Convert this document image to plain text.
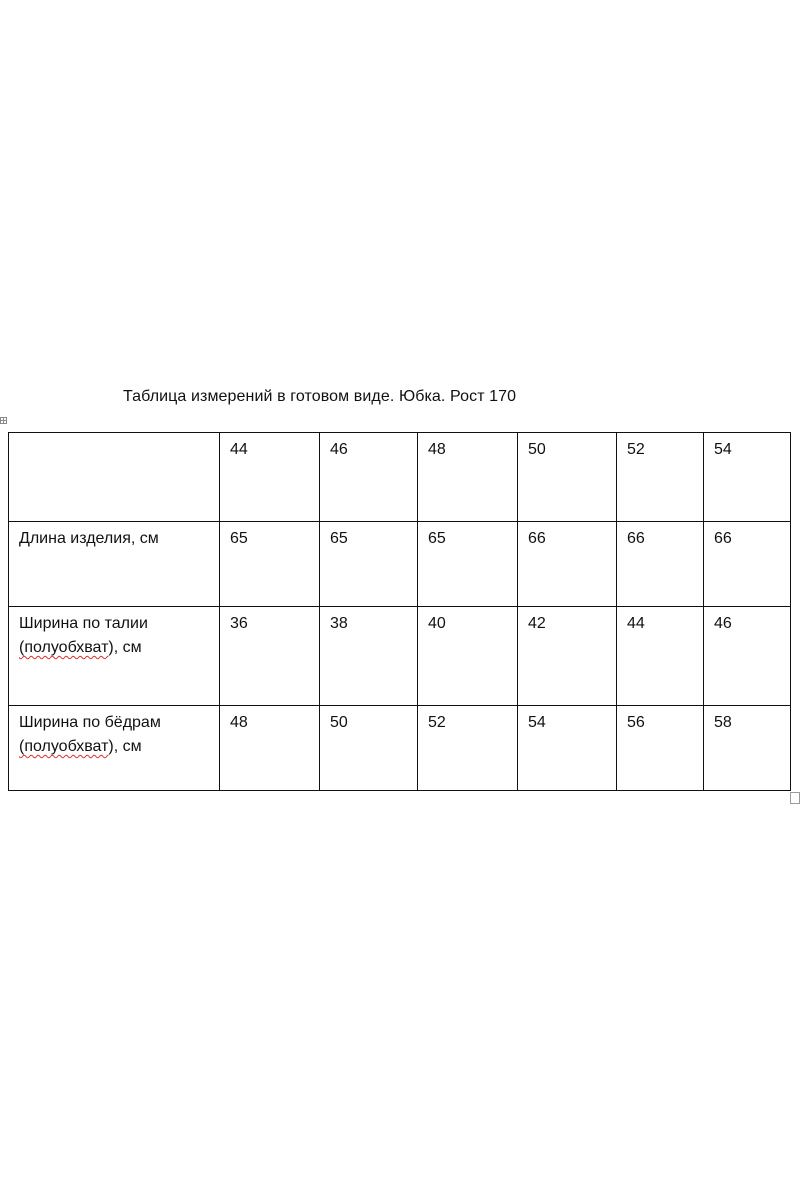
Таблица измерений в готовом виде. Юбка. Рост 170
	44	46	48	50	52	54
Длина изделия, см	65	65	65	66	66	66
Ширина по талии
(полуобхват), см	36	38	40	42	44	46
Ширина по бёдрам
(полуобхват), см	48	50	52	54	56	58
